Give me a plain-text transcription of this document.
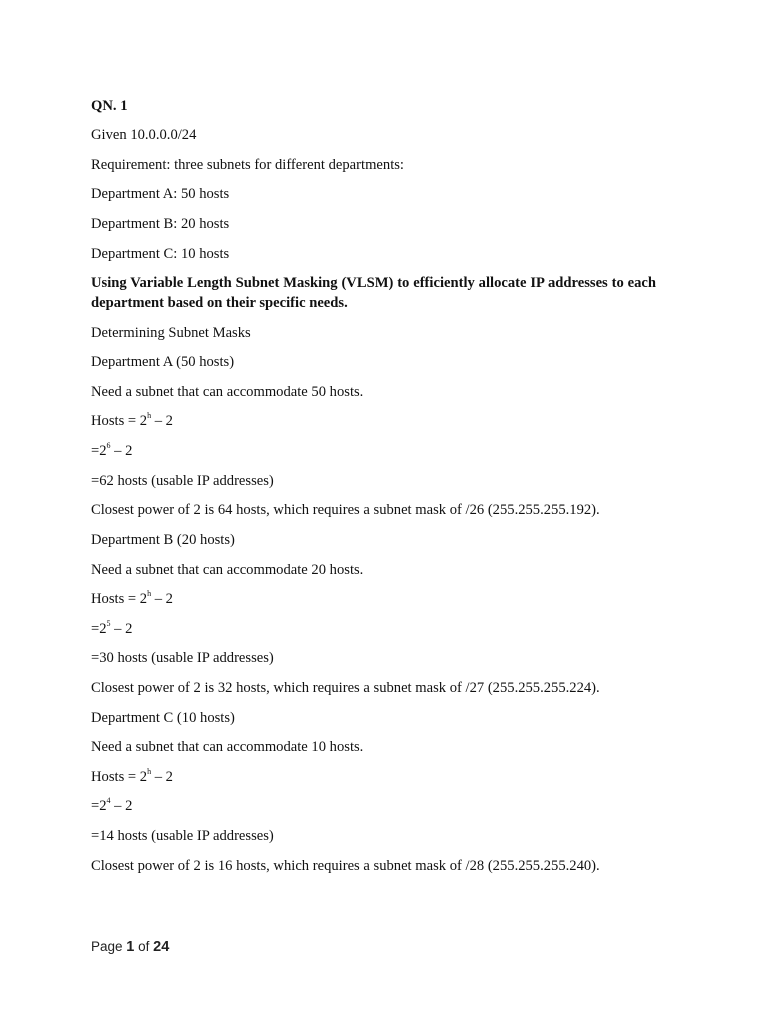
QN. 1
Given 10.0.0.0/24
Requirement: three subnets for different departments:
Department A: 50 hosts
Department B: 20 hosts
Department C: 10 hosts
Using Variable Length Subnet Masking (VLSM) to efficiently allocate IP addresses to each department based on their specific needs.
Determining Subnet Masks
Department A (50 hosts)
Need a subnet that can accommodate 50 hosts.
Hosts = $2^h - 2$
$=2^6 - 2$
=62 hosts (usable IP addresses)
Closest power of 2 is 64 hosts, which requires a subnet mask of /26 (255.255.255.192).
Department B (20 hosts)
Need a subnet that can accommodate 20 hosts.
Hosts = $2^h - 2$
$=2^5 - 2$
=30 hosts (usable IP addresses)
Closest power of 2 is 32 hosts, which requires a subnet mask of /27 (255.255.255.224).
Department C (10 hosts)
Need a subnet that can accommodate 10 hosts.
Hosts = $2^h - 2$
$=2^4 - 2$
=14 hosts (usable IP addresses)
Closest power of 2 is 16 hosts, which requires a subnet mask of /28 (255.255.255.240).
Page 1 of 24
